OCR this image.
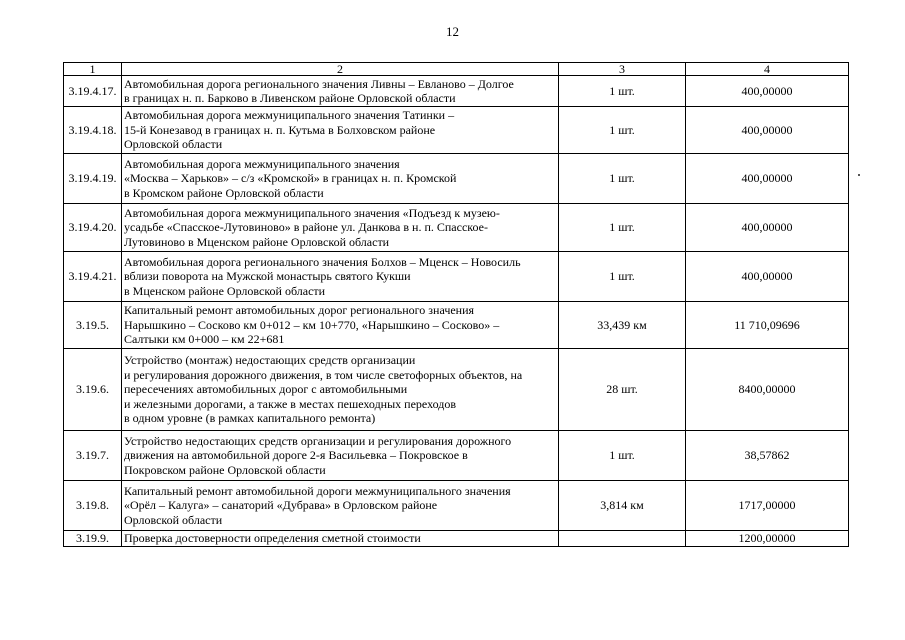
12
1	2	3	4
3.19.4.17.	Автомобильная дорога регионального значения Ливны – Евланово – Долгое
в границах н. п. Барково в Ливенском районе Орловской области	1 шт.	400,00000
3.19.4.18.	Автомобильная дорога межмуниципального значения Татинки –
15-й Конезавод в границах н. п. Кутьма в Болховском районе
Орловской области	1 шт.	400,00000
3.19.4.19.	Автомобильная дорога межмуниципального значения
«Москва – Харьков» – с/з «Кромской» в границах н. п. Кромской
в Кромском районе Орловской области	1 шт.	400,00000
3.19.4.20.	Автомобильная дорога межмуниципального значения «Подъезд к музею-
усадьбе «Спасское-Лутовиново» в районе ул. Данкова в н. п. Спасское-
Лутовиново в Мценском районе Орловской области	1 шт.	400,00000
3.19.4.21.	Автомобильная дорога регионального значения Болхов – Мценск – Новосиль
вблизи поворота на Мужской монастырь святого Кукши
в Мценском районе Орловской области	1 шт.	400,00000
3.19.5.	Капитальный ремонт автомобильных дорог регионального значения
Нарышкино – Сосково км 0+012 – км 10+770, «Нарышкино – Сосково» –
Салтыки км 0+000 – км 22+681	33,439 км	11 710,09696
3.19.6.	Устройство (монтаж) недостающих средств организации
и регулирования дорожного движения, в том числе светофорных объектов, на
пересечениях автомобильных дорог с автомобильными
и железными дорогами, а также в местах пешеходных переходов
в одном уровне (в рамках капитального ремонта)	28 шт.	8400,00000
3.19.7.	Устройство недостающих средств организации и регулирования дорожного
движения на автомобильной дороге 2-я Васильевка – Покровское в
Покровском районе Орловской области	1 шт.	38,57862
3.19.8.	Капитальный ремонт автомобильной дороги межмуниципального значения
«Орёл – Калуга» – санаторий «Дубрава» в Орловском районе
Орловской области	3,814 км	1717,00000
3.19.9.	Проверка достоверности определения сметной стоимости		1200,00000
